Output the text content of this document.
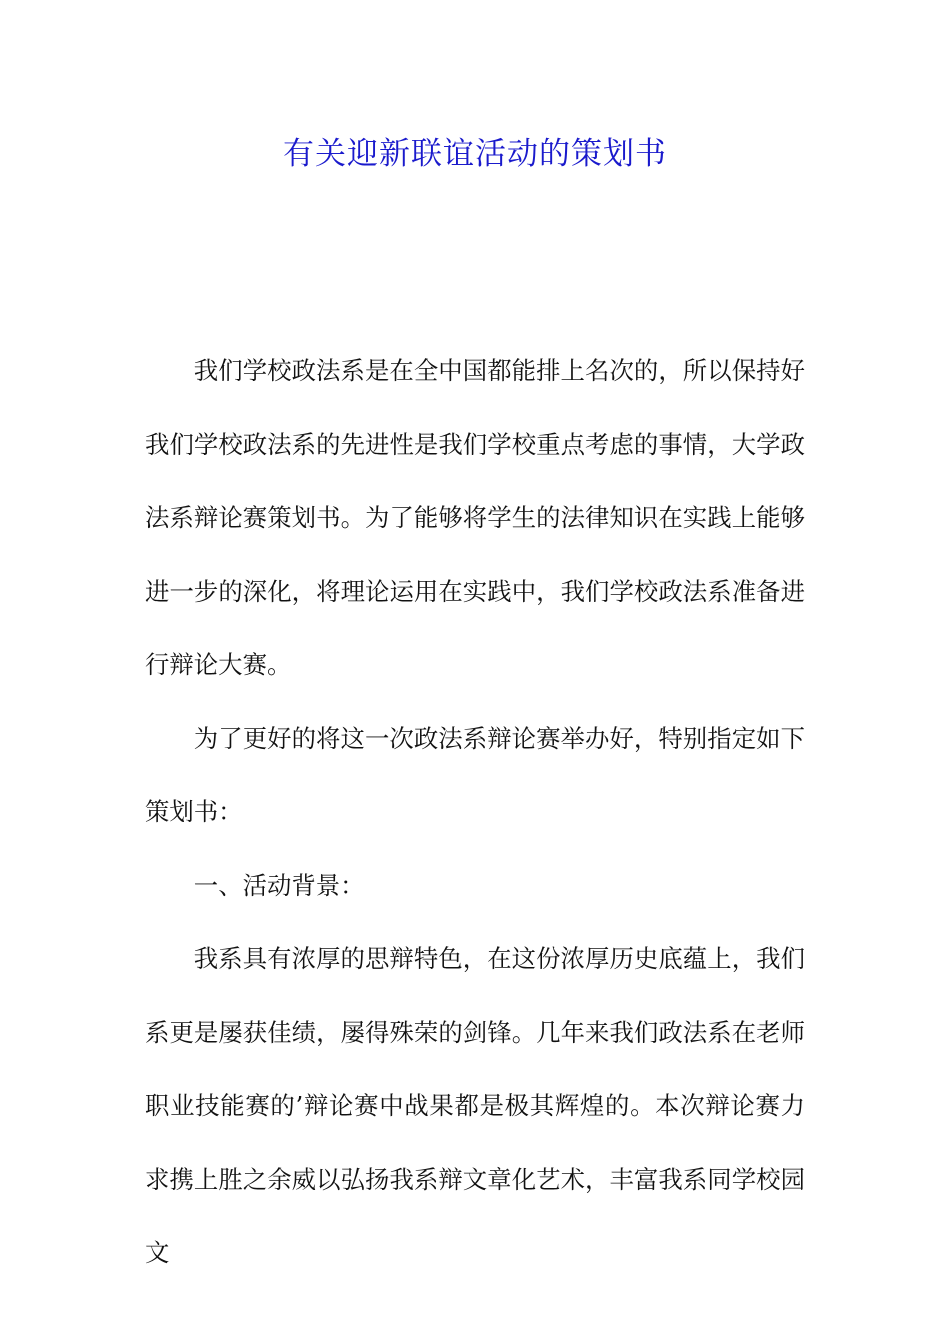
有关迎新联谊活动的策划书

我们学校政法系是在全中国都能排上名次的，所以保持好我们学校政法系的先进性是我们学校重点考虑的事情，大学政法系辩论赛策划书。为了能够将学生的法律知识在实践上能够进一步的深化，将理论运用在实践中，我们学校政法系准备进行辩论大赛。

为了更好的将这一次政法系辩论赛举办好，特别指定如下策划书：

一、活动背景：

我系具有浓厚的思辩特色，在这份浓厚历史底蕴上，我们系更是屡获佳绩，屡得殊荣的剑锋。几年来我们政法系在老师职业技能赛的’辩论赛中战果都是极其辉煌的。本次辩论赛力求携上胜之余威以弘扬我系辩文章化艺术，丰富我系同学校园文
